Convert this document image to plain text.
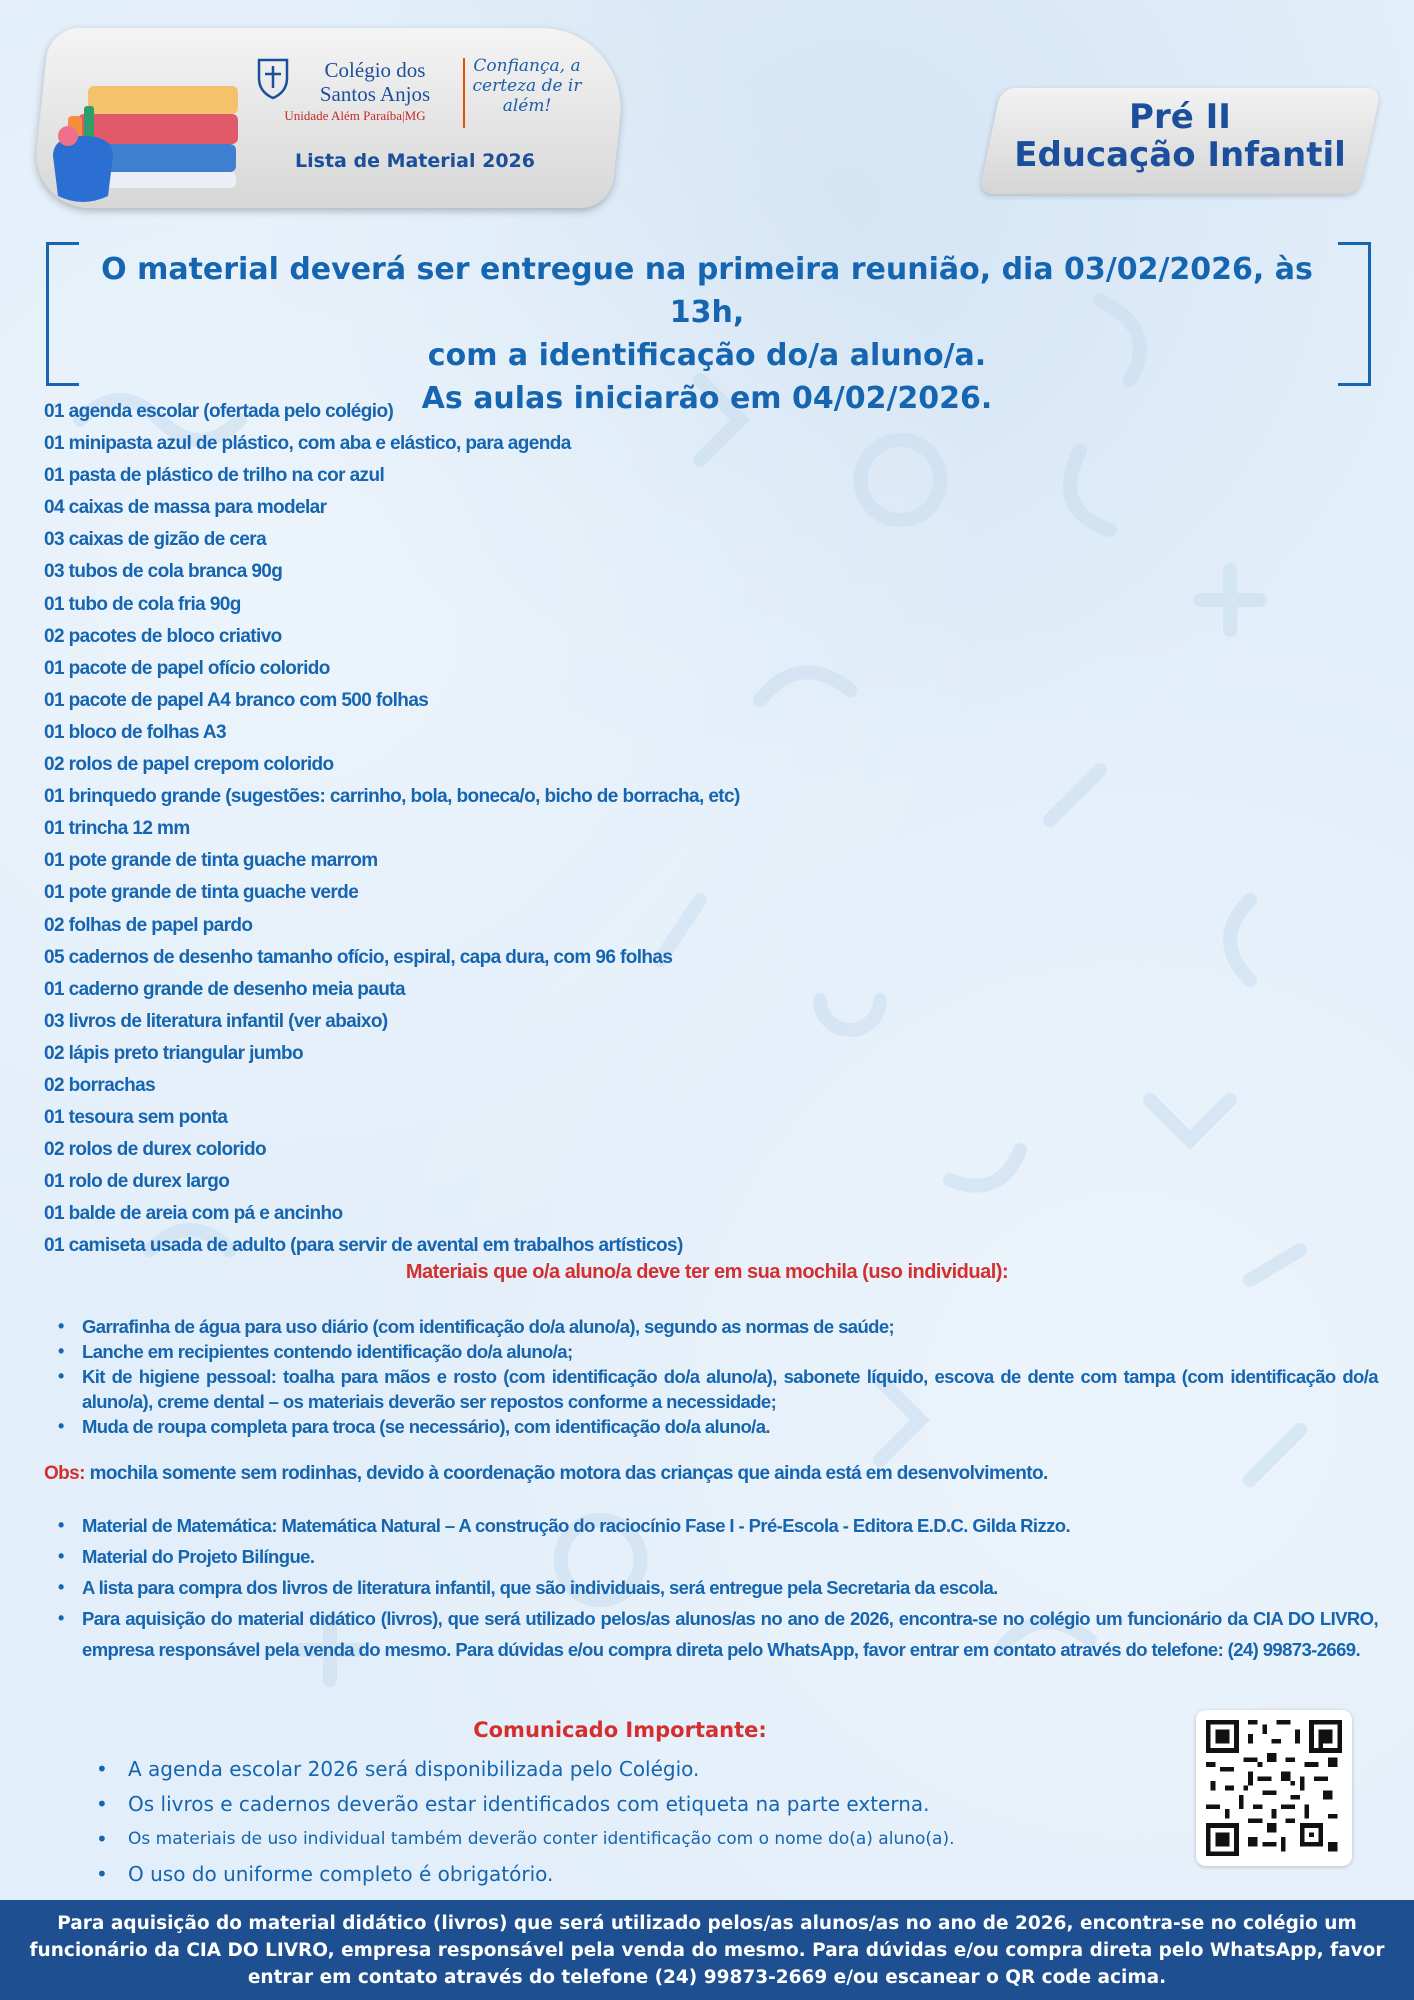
Colégio dos Santos Anjos
Unidade Além Paraíba|MG
Confiança, a certeza de ir além!
Lista de Material 2026
Pré II
Educação Infantil
O material deverá ser entregue na primeira reunião, dia 03/02/2026, às 13h,
com a identificação do/a aluno/a.
As aulas iniciarão em 04/02/2026.
01 agenda escolar (ofertada pelo colégio)
01 minipasta azul de plástico, com aba e elástico, para agenda
01 pasta de plástico de trilho na cor azul
04 caixas de massa para modelar
03 caixas de gizão de cera
03 tubos de cola branca 90g
01 tubo de cola fria 90g
02 pacotes de bloco criativo
01 pacote de papel ofício colorido
01 pacote de papel A4 branco com 500 folhas
01 bloco de folhas A3
02 rolos de papel crepom colorido
01 brinquedo grande (sugestões: carrinho, bola, boneca/o, bicho de borracha, etc)
01 trincha 12 mm
01 pote grande de tinta guache marrom
01 pote grande de tinta guache verde
02 folhas de papel pardo
05 cadernos de desenho tamanho ofício, espiral, capa dura, com 96 folhas
01 caderno grande de desenho meia pauta
03 livros de literatura infantil (ver abaixo)
02 lápis preto triangular jumbo
02 borrachas
01 tesoura sem ponta
02 rolos de durex colorido
01 rolo de durex largo
01 balde de areia com pá e ancinho
01 camiseta usada de adulto (para servir de avental em trabalhos artísticos)
Materiais que o/a aluno/a deve ter em sua mochila (uso individual):
• Garrafinha de água para uso diário (com identificação do/a aluno/a), segundo as normas de saúde;
• Lanche em recipientes contendo identificação do/a aluno/a;
• Kit de higiene pessoal: toalha para mãos e rosto (com identificação do/a aluno/a), sabonete líquido, escova de dente com tampa (com identificação do/a aluno/a), creme dental – os materiais deverão ser repostos conforme a necessidade;
• Muda de roupa completa para troca (se necessário), com identificação do/a aluno/a.
Obs: mochila somente sem rodinhas, devido à coordenação motora das crianças que ainda está em desenvolvimento.
• Material de Matemática: Matemática Natural – A construção do raciocínio Fase I - Pré-Escola - Editora E.D.C. Gilda Rizzo.
• Material do Projeto Bilíngue.
• A lista para compra dos livros de literatura infantil, que são individuais, será entregue pela Secretaria da escola.
• Para aquisição do material didático (livros), que será utilizado pelos/as alunos/as no ano de 2026, encontra-se no colégio um funcionário da CIA DO LIVRO, empresa responsável pela venda do mesmo. Para dúvidas e/ou compra direta pelo WhatsApp, favor entrar em contato através do telefone: (24) 99873-2669.
Comunicado Importante:
• A agenda escolar 2026 será disponibilizada pelo Colégio.
• Os livros e cadernos deverão estar identificados com etiqueta na parte externa.
• Os materiais de uso individual também deverão conter identificação com o nome do(a) aluno(a).
• O uso do uniforme completo é obrigatório.
Para aquisição do material didático (livros) que será utilizado pelos/as alunos/as no ano de 2026, encontra-se no colégio um funcionário da CIA DO LIVRO, empresa responsável pela venda do mesmo. Para dúvidas e/ou compra direta pelo WhatsApp, favor entrar em contato através do telefone (24) 99873-2669 e/ou escanear o QR code acima.
